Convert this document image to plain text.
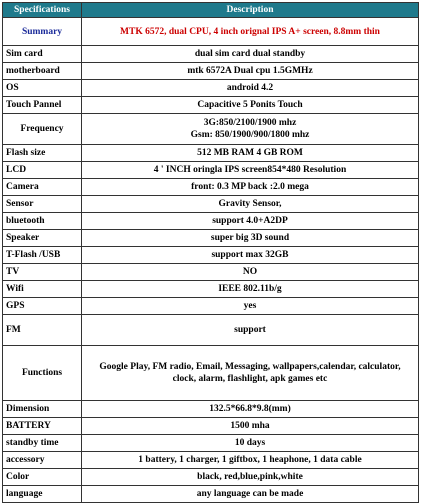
Specifications	Description
Summary	MTK 6572, dual CPU, 4 inch orignal IPS A+ screen, 8.8mm thin
Sim card	dual sim card dual standby
motherboard	mtk 6572A Dual cpu 1.5GMHz
OS	android 4.2
Touch Pannel	Capacitive 5 Ponits Touch
Frequency	3G:850/2100/1900 mhz
Gsm: 850/1900/900/1800 mhz

Flash size	512 MB RAM 4 GB ROM
LCD	4 ' INCH oringla IPS screen854*480 Resolution
Camera	front: 0.3 MP back :2.0 mega
Sensor	Gravity Sensor,
bluetooth	support 4.0+A2DP
Speaker	super big 3D sound
T-Flash /USB	support max 32GB
TV	NO
Wifi	IEEE 802.11b/g
GPS	yes
FM	support
Functions	Google Play, FM radio, Email, Messaging, wallpapers,calendar, calculator,
clock, alarm, flashlight, apk games etc

Dimension	132.5*66.8*9.8(mm)
BATTERY	1500 mha
standby time	10 days
accessory	1 battery, 1 charger, 1 giftbox, 1 heaphone, 1 data cable
Color	black, red,blue,pink,white
language	any language can be made
